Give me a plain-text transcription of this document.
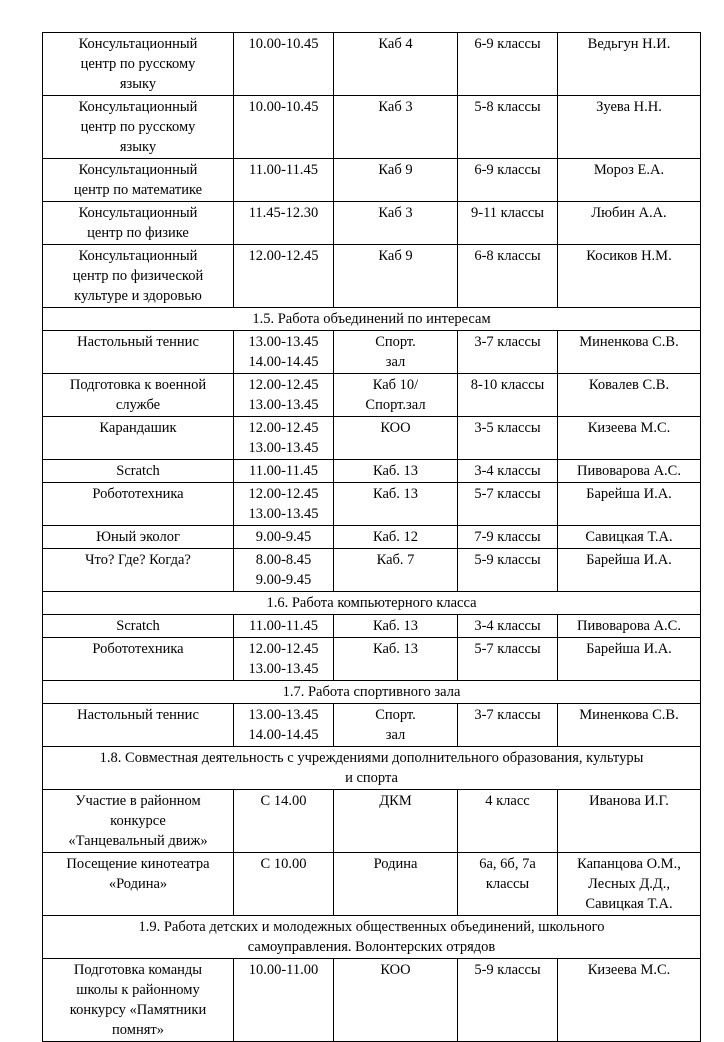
Консультационный
центр по русскому
языку	10.00-10.45	Каб 4	6-9 классы	Ведьгун Н.И.

Консультационный
центр по русскому
языку	10.00-10.45	Каб 3	5-8 классы	Зуева Н.Н.

Консультационный
центр по математике	11.00-11.45	Каб 9	6-9 классы	Мороз Е.А.

Консультационный
центр по физике	11.45-12.30	Каб 3	9-11 классы	Любин А.А.

Консультационный
центр по физической
культуре и здоровью	12.00-12.45	Каб 9	6-8 классы	Косиков Н.М.

1.5. Работа объединений по интересам				

Настольный теннис	13.00-13.45
14.00-14.45	Спорт.
зал	3-7 классы	Миненкова С.В.

Подготовка к военной
службе	12.00-12.45
13.00-13.45	Каб 10/
Спорт.зал	8-10 классы	Ковалев С.В.

Карандашик	12.00-12.45
13.00-13.45	КОО	3-5 классы	Кизеева М.С.

Scratch	11.00-11.45	Каб. 13	3-4 классы	Пивоварова А.С.

Робототехника	12.00-12.45
13.00-13.45	Каб. 13	5-7 классы	Барейша И.А.

Юный эколог	9.00-9.45	Каб. 12	7-9 классы	Савицкая Т.А.

Что? Где? Когда?	8.00-8.45
9.00-9.45	Каб. 7	5-9 классы	Барейша И.А.

1.6. Работа компьютерного класса				

Scratch	11.00-11.45	Каб. 13	3-4 классы	Пивоварова А.С.

Робототехника	12.00-12.45
13.00-13.45	Каб. 13	5-7 классы	Барейша И.А.

1.7. Работа спортивного зала				

Настольный теннис	13.00-13.45
14.00-14.45	Спорт.
зал	3-7 классы	Миненкова С.В.

1.8. Совместная деятельность с учреждениями дополнительного образования, культуры
и спорта				

Участие в районном
конкурсе
«Танцевальный движ»	С 14.00	ДКМ	4 класс	Иванова И.Г.

Посещение кинотеатра
«Родина»	С 10.00	Родина	6а, 6б, 7а
классы	Капанцова О.М.,
Лесных Д.Д.,
Савицкая Т.А.

1.9. Работа детских и молодежных общественных объединений, школьного
самоуправления. Волонтерских отрядов				

Подготовка команды
школы к районному
конкурсу «Памятники
помнят»	10.00-11.00	КОО	5-9 классы	Кизеева М.С.
